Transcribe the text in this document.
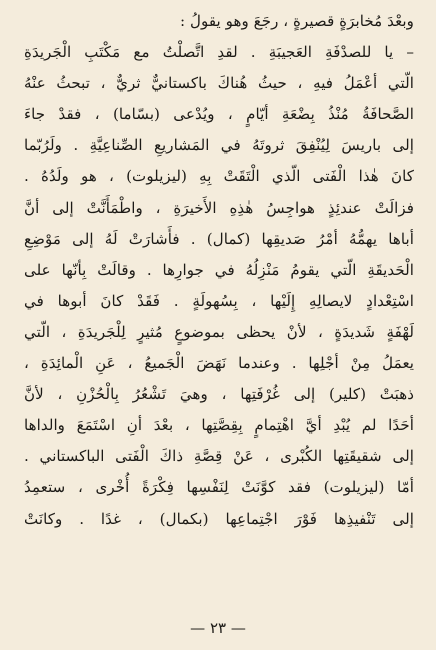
وبعْدَ مُخابرَةٍ قصيرةٍ ، رجَعَ وهو يقولُ :
– يا للصدْفَةِ العَجيبَةِ . لقدِ اتَّصلْتُ مع مَكْتَبِ الْجَريدَةِ
الّتي أعْمَلُ فيهِ ، حيثُ هُناكَ باكستانيٌّ ثريٌّ ، تبحثُ عنْهُ
الصَّحافَةُ مُنْذُ بِضْعَةِ أيّامٍ ، ويُدْعى (بسّاما) ، فقدْ جاءَ
إلى باريسَ لِيُنْفِقَ ثروتَهُ في المَشاريعِ الصِّناعِيَّةِ . ولَرُبّما
كانَ هٰذا الْفَتى الّذي الْتَقَتْ بِهِ (ليزيلوت) ، هو ولَدُهُ .
فزالَتْ عندئِذٍ هواجِسُ هٰذِهِ الأَخيرَةِ ، واطْمَأَنَّتْ إلى أنَّ
أباها يهمُّهُ أمْرُ صَديقِها (كمال) . فأَشارَتْ لَهُ إلى مَوْضِعِ
الْحَديقَةِ الّتي يقومُ مَنْزِلُهُ في جوارِها . وقالَتْ بِأنّها على
اسْتِعْدادٍ لايصالِهِ إِلَيْها ، بِسُهولَةٍ . فَقَدْ كانَ أبوها في
لَهْفَةٍ شَديدَةٍ ، لأنْ يحظى بموضوعٍ مُثيرٍ لِلْجَريدَةِ ، الّتي
يعمَلُ مِنْ أجْلِها . وعندما نَهَضَ الْجَميعُ ، عَنِ الْمائِدَةِ ،
ذهبَتْ (كلير) إلى غُرْفَتِها ، وهيَ تَشْعُرُ بِالْحُزْنِ ، لأنَّ
أحَدًا لم يُبْدِ أيَّ اهْتِمامٍ بِقِصَّتِها ، بعْدَ أنِ اسْتَمَعَ والداها
إلى شقيقَتِها الكُبْرى ، عَنْ قِصَّةِ ذاكَ الْفَتى الباكستاني .
أمّا (ليزيلوت) فقد كوَّنَتْ لِنَفْسِها فِكْرَةً أُخْرى ، ستعمِدُ
إلى تَنْفيذِها فَوْرَ اجْتِماعِها (بكمال) ، غدًا . وكانَتْ
— ٢٣ —
